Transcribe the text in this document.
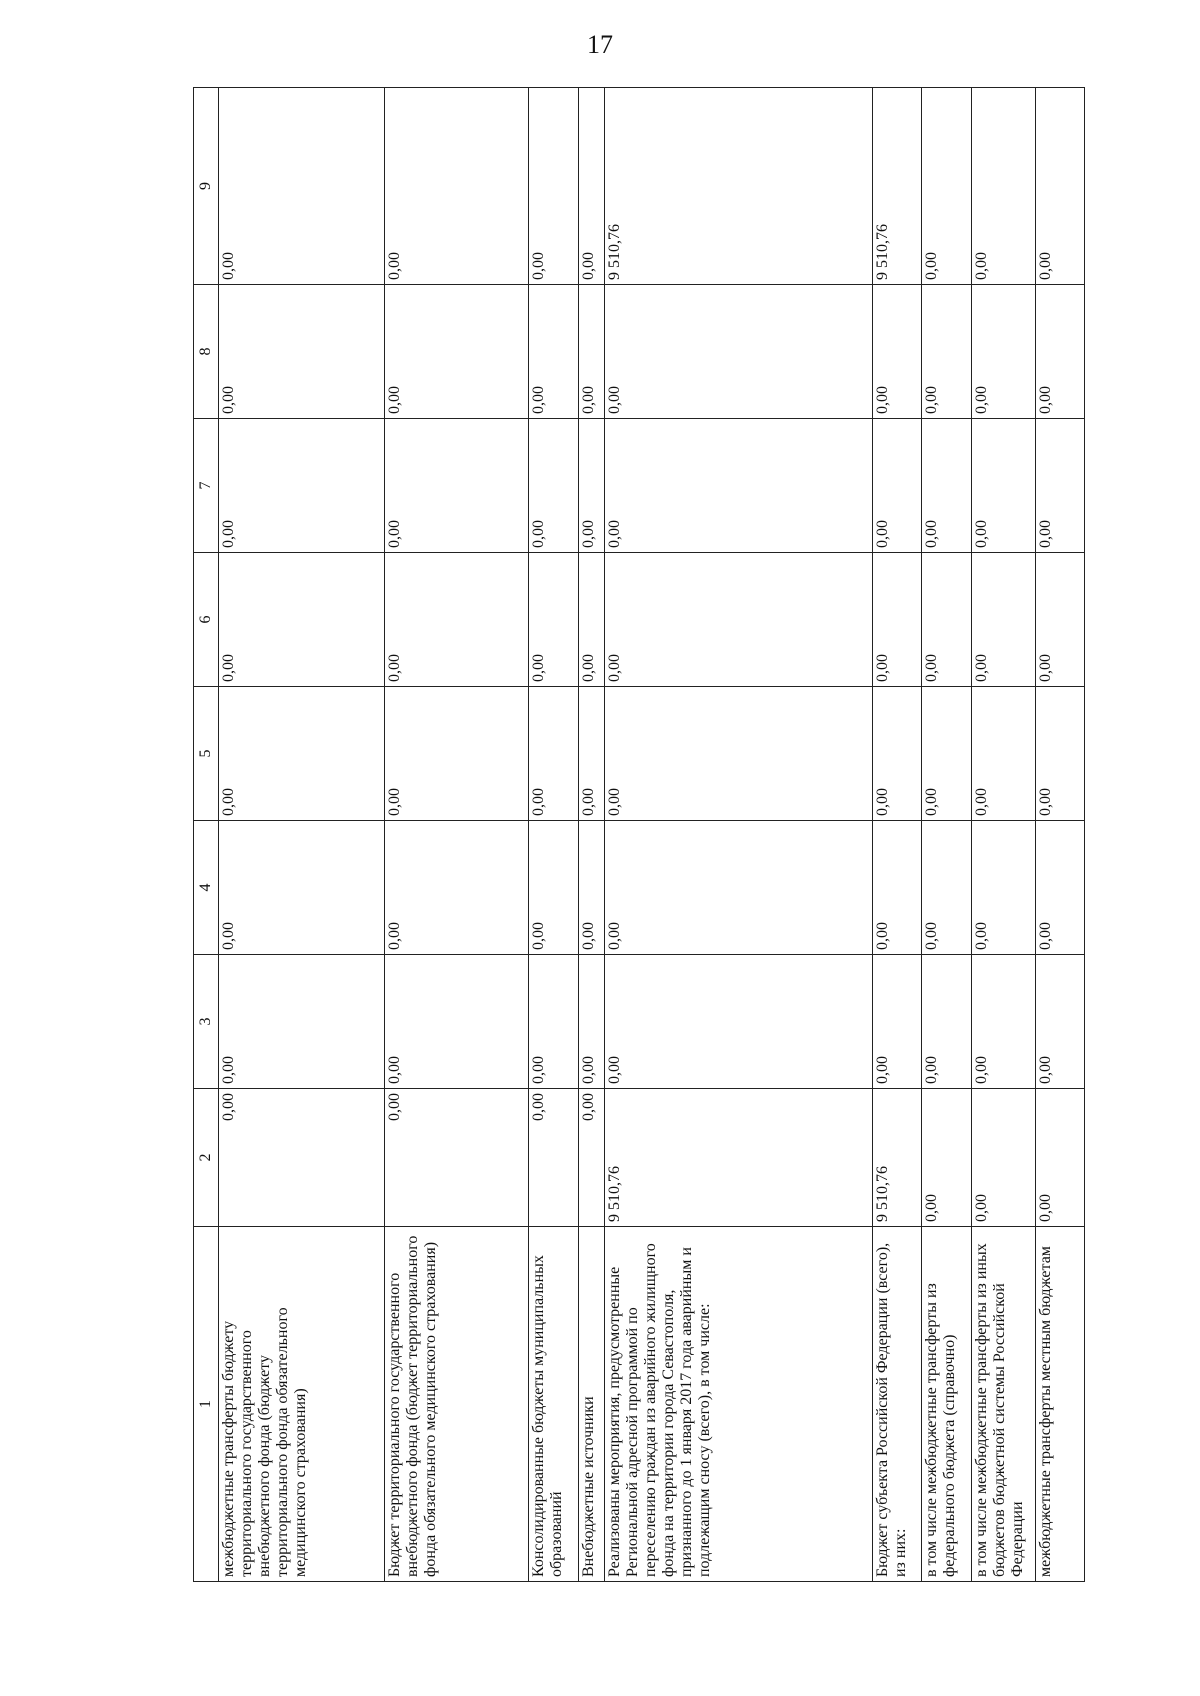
17
1	2	3	4	5	6	7	8	9
межбюджетные трансферты бюджету территориального государственного внебюджетного фонда (бюджету территориального фонда обязательного медицинского страхования)	0,00	0,00	0,00	0,00	0,00	0,00	0,00	0,00
Бюджет территориального государственного внебюджетного фонда (бюджет территориального фонда обязательного медицинского страхования)	0,00	0,00	0,00	0,00	0,00	0,00	0,00	0,00
Консолидированные бюджеты муниципальных образований	0,00	0,00	0,00	0,00	0,00	0,00	0,00	0,00
Внебюджетные источники	0,00	0,00	0,00	0,00	0,00	0,00	0,00	0,00
Реализованы мероприятия, предусмотренные Региональной адресной программой по переселению граждан из аварийного жилищного фонда на территории города Севастополя, признанного до 1 января 2017 года аварийным и подлежащим сносу (всего), в том числе:	9 510,76	0,00	0,00	0,00	0,00	0,00	0,00	9 510,76
Бюджет субъекта Российской Федерации (всего), из них:	9 510,76	0,00	0,00	0,00	0,00	0,00	0,00	9 510,76
в том числе межбюджетные трансферты из федерального бюджета (справочно)	0,00	0,00	0,00	0,00	0,00	0,00	0,00	0,00
в том числе межбюджетные трансферты из иных бюджетов бюджетной системы Российской Федерации	0,00	0,00	0,00	0,00	0,00	0,00	0,00	0,00
межбюджетные трансферты местным бюджетам	0,00	0,00	0,00	0,00	0,00	0,00	0,00	0,00
